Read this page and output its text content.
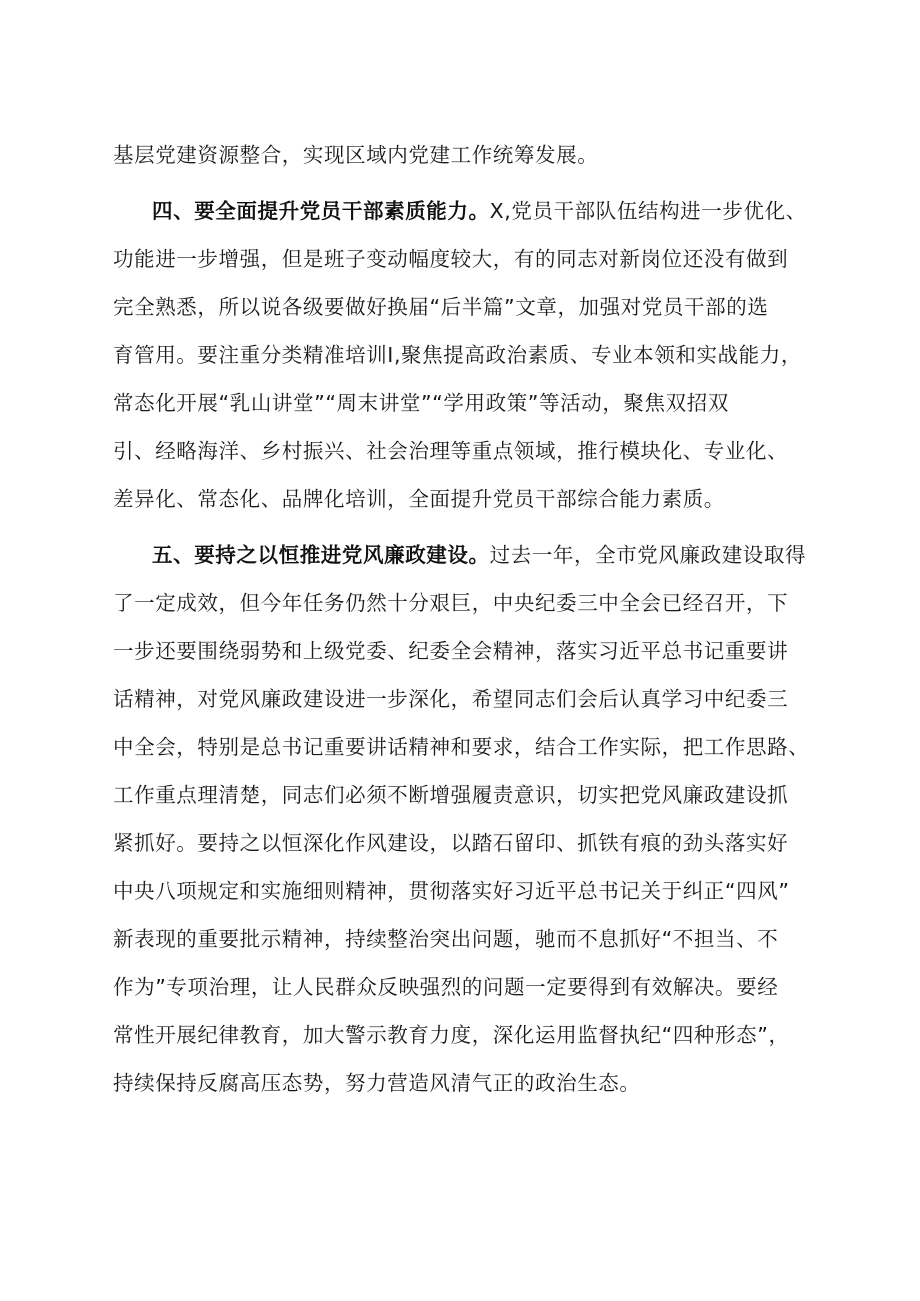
基层党建资源整合，实现区域内党建工作统筹发展。
四、要全面提升党员干部素质能力。X,党员干部队伍结构进一步优化、
功能进一步增强，但是班子变动幅度较大，有的同志对新岗位还没有做到
完全熟悉，所以说各级要做好换届“后半篇”文章，加强对党员干部的选
育管用。要注重分类精准培训I,聚焦提高政治素质、专业本领和实战能力，
常态化开展“乳山讲堂”“周末讲堂”“学用政策”等活动，聚焦双招双
引、经略海洋、乡村振兴、社会治理等重点领域，推行模块化、专业化、
差异化、常态化、品牌化培训，全面提升党员干部综合能力素质。
五、要持之以恒推进党风廉政建设。过去一年，全市党风廉政建设取得
了一定成效，但今年任务仍然十分艰巨，中央纪委三中全会已经召开，下
一步还要围绕弱势和上级党委、纪委全会精神，落实习近平总书记重要讲
话精神，对党风廉政建设进一步深化，希望同志们会后认真学习中纪委三
中全会，特别是总书记重要讲话精神和要求，结合工作实际，把工作思路、
工作重点理清楚，同志们必须不断增强履责意识，切实把党风廉政建设抓
紧抓好。要持之以恒深化作风建设，以踏石留印、抓铁有痕的劲头落实好
中央八项规定和实施细则精神，贯彻落实好习近平总书记关于纠正“四风”
新表现的重要批示精神，持续整治突出问题，驰而不息抓好“不担当、不
作为”专项治理，让人民群众反映强烈的问题一定要得到有效解决。要经
常性开展纪律教育，加大警示教育力度，深化运用监督执纪“四种形态”，
持续保持反腐高压态势，努力营造风清气正的政治生态。
